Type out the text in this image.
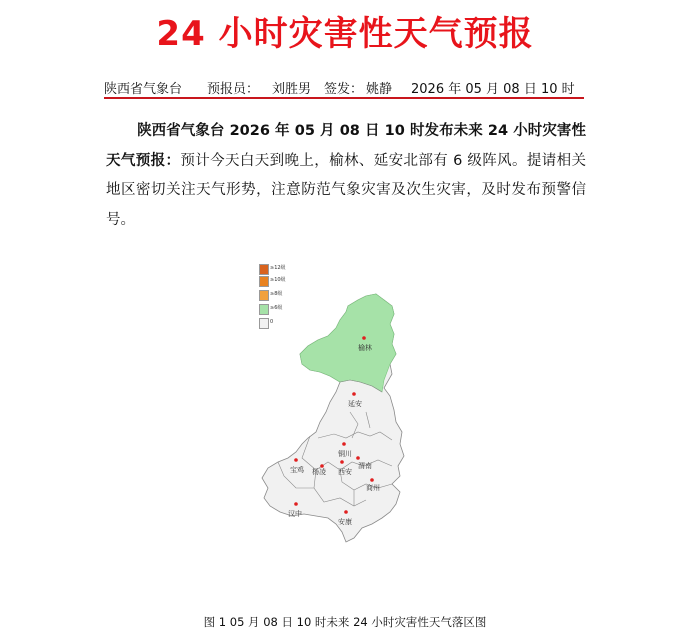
24 小时灾害性天气预报
陕西省气象台 预报员： 刘胜男 签发： 姚静 2026 年 05 月 08 日 10 时
陕西省气象台 2026 年 05 月 08 日 10 时发布未来 24 小时灾害性天气预报：预计今天白天到晚上，榆林、延安北部有 6 级阵风。提请相关地区密切关注天气形势，注意防范气象灾害及次生灾害，及时发布预警信号。
榆林
延安
铜川
宝鸡 杨凌 西安
渭南
商州
汉中
安康
≥12级
≥10级
≥8级
≥6级
0
图 1 05 月 08 日 10 时未来 24 小时灾害性天气落区图
